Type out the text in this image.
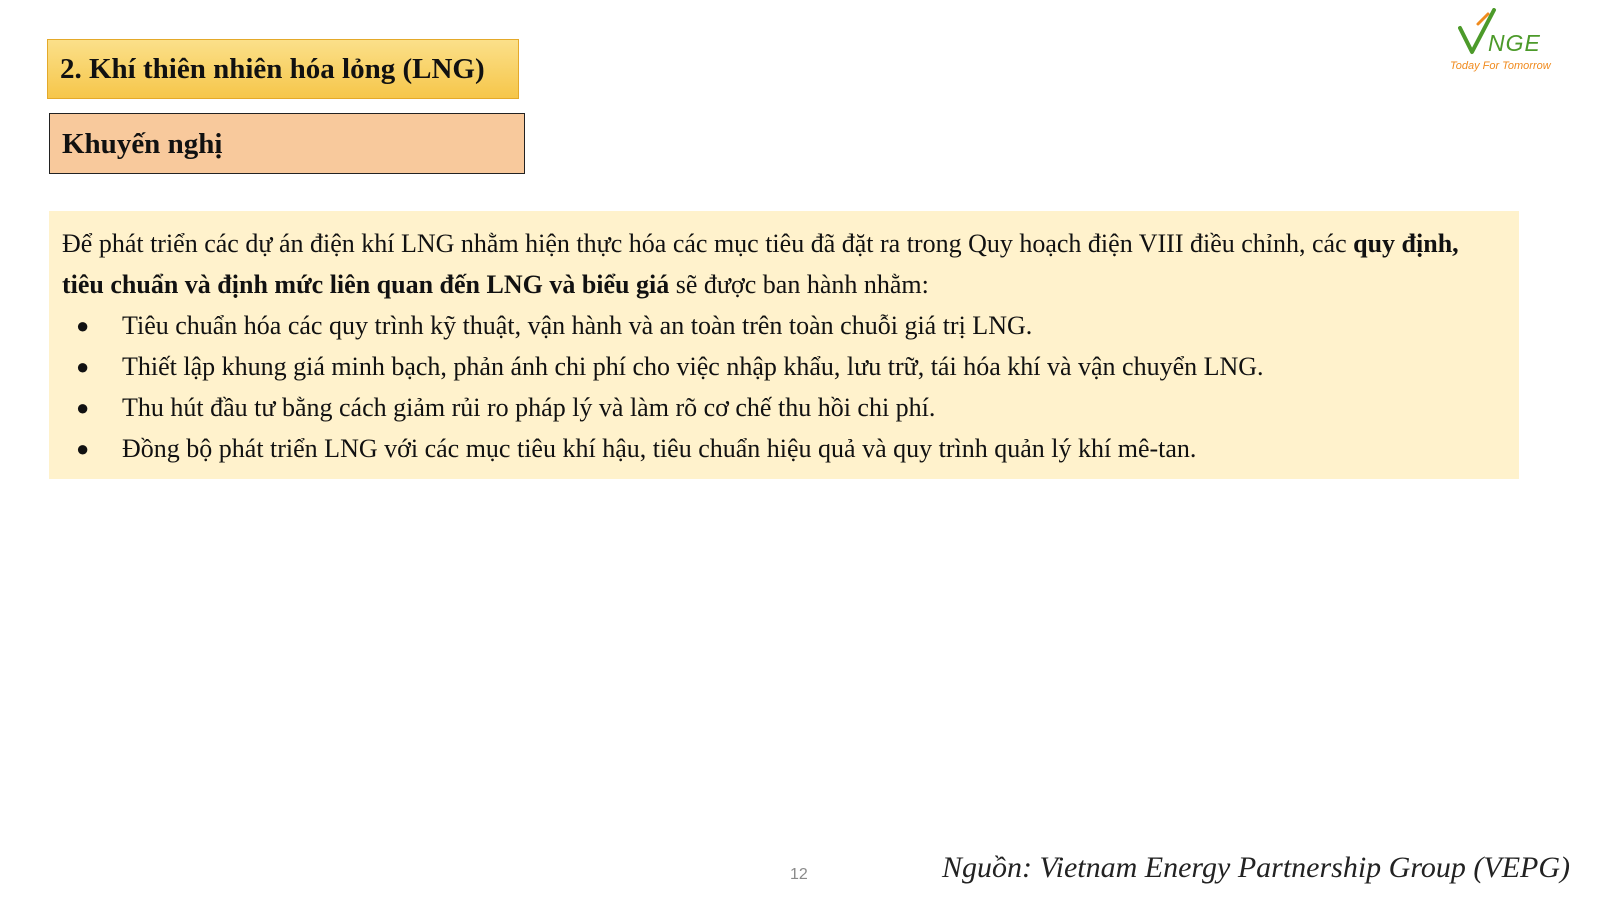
2. Khí thiên nhiên hóa lỏng (LNG)
Khuyến nghị
NGE
Today For Tomorrow

Để phát triển các dự án điện khí LNG nhằm hiện thực hóa các mục tiêu đã đặt ra trong Quy hoạch điện VIII điều chỉnh, các quy định, tiêu chuẩn và định mức liên quan đến LNG và biểu giá sẽ được ban hành nhằm:

● Tiêu chuẩn hóa các quy trình kỹ thuật, vận hành và an toàn trên toàn chuỗi giá trị LNG.
● Thiết lập khung giá minh bạch, phản ánh chi phí cho việc nhập khẩu, lưu trữ, tái hóa khí và vận chuyển LNG.
● Thu hút đầu tư bằng cách giảm rủi ro pháp lý và làm rõ cơ chế thu hồi chi phí.
● Đồng bộ phát triển LNG với các mục tiêu khí hậu, tiêu chuẩn hiệu quả và quy trình quản lý khí mê-tan.
12	Nguồn: Vietnam Energy Partnership Group (VEPG)
